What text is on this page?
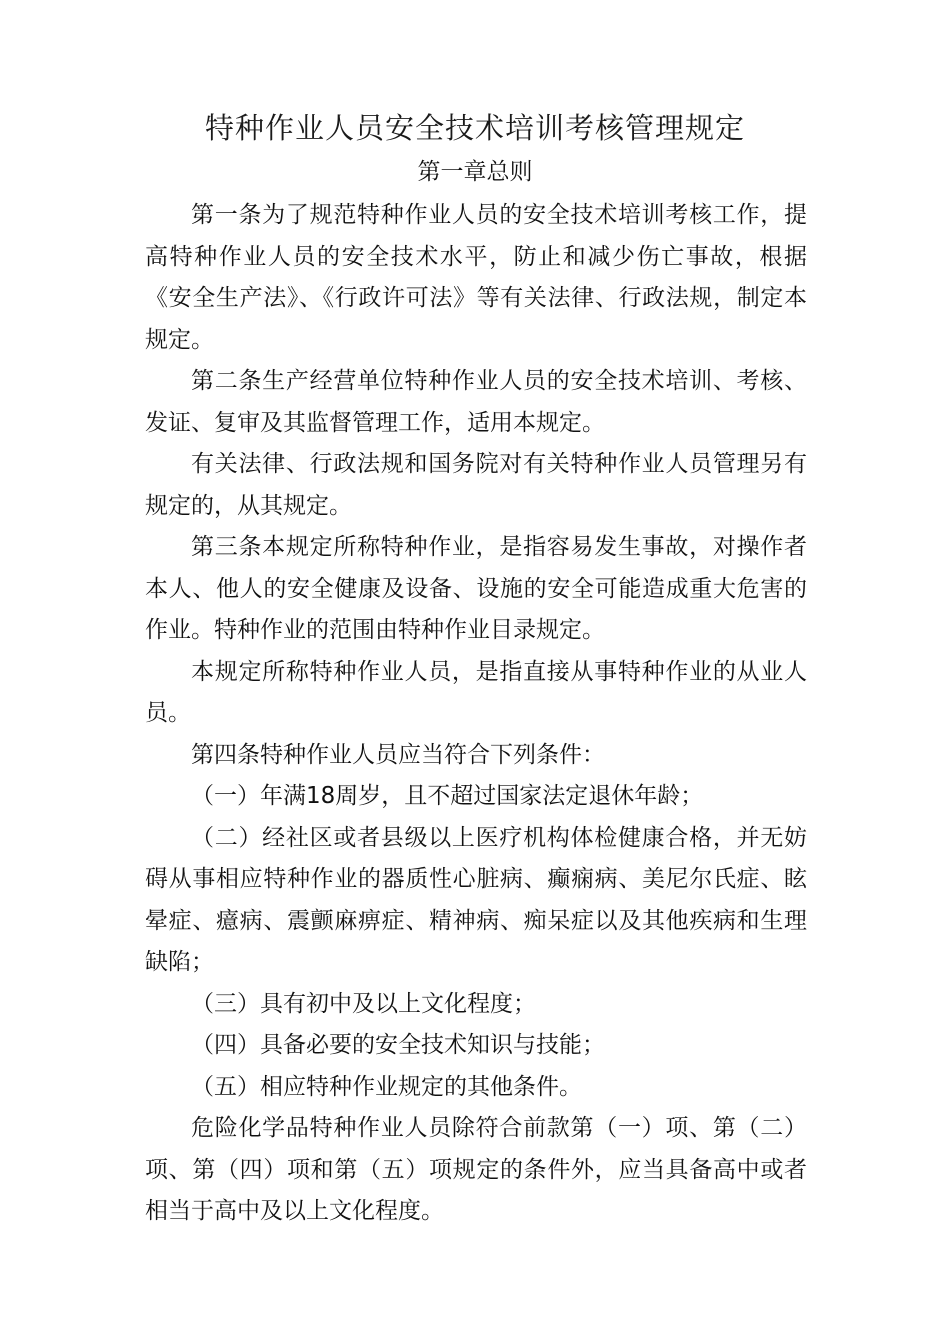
特种作业人员安全技术培训考核管理规定
第一章总则

第一条为了规范特种作业人员的安全技术培训考核工作，提高特种作业人员的安全技术水平，防止和减少伤亡事故，根据《安全生产法》、《行政许可法》等有关法律、行政法规，制定本规定。

第二条生产经营单位特种作业人员的安全技术培训、考核、发证、复审及其监督管理工作，适用本规定。

有关法律、行政法规和国务院对有关特种作业人员管理另有规定的，从其规定。

第三条本规定所称特种作业，是指容易发生事故，对操作者本人、他人的安全健康及设备、设施的安全可能造成重大危害的作业。特种作业的范围由特种作业目录规定。

本规定所称特种作业人员，是指直接从事特种作业的从业人员。

第四条特种作业人员应当符合下列条件：

（一）年满18周岁，且不超过国家法定退休年龄；

（二）经社区或者县级以上医疗机构体检健康合格，并无妨碍从事相应特种作业的器质性心脏病、癫痫病、美尼尔氏症、眩晕症、癔病、震颤麻痹症、精神病、痴呆症以及其他疾病和生理缺陷；

（三）具有初中及以上文化程度；

（四）具备必要的安全技术知识与技能；

（五）相应特种作业规定的其他条件。

危险化学品特种作业人员除符合前款第（一）项、第（二）项、第（四）项和第（五）项规定的条件外，应当具备高中或者相当于高中及以上文化程度。
